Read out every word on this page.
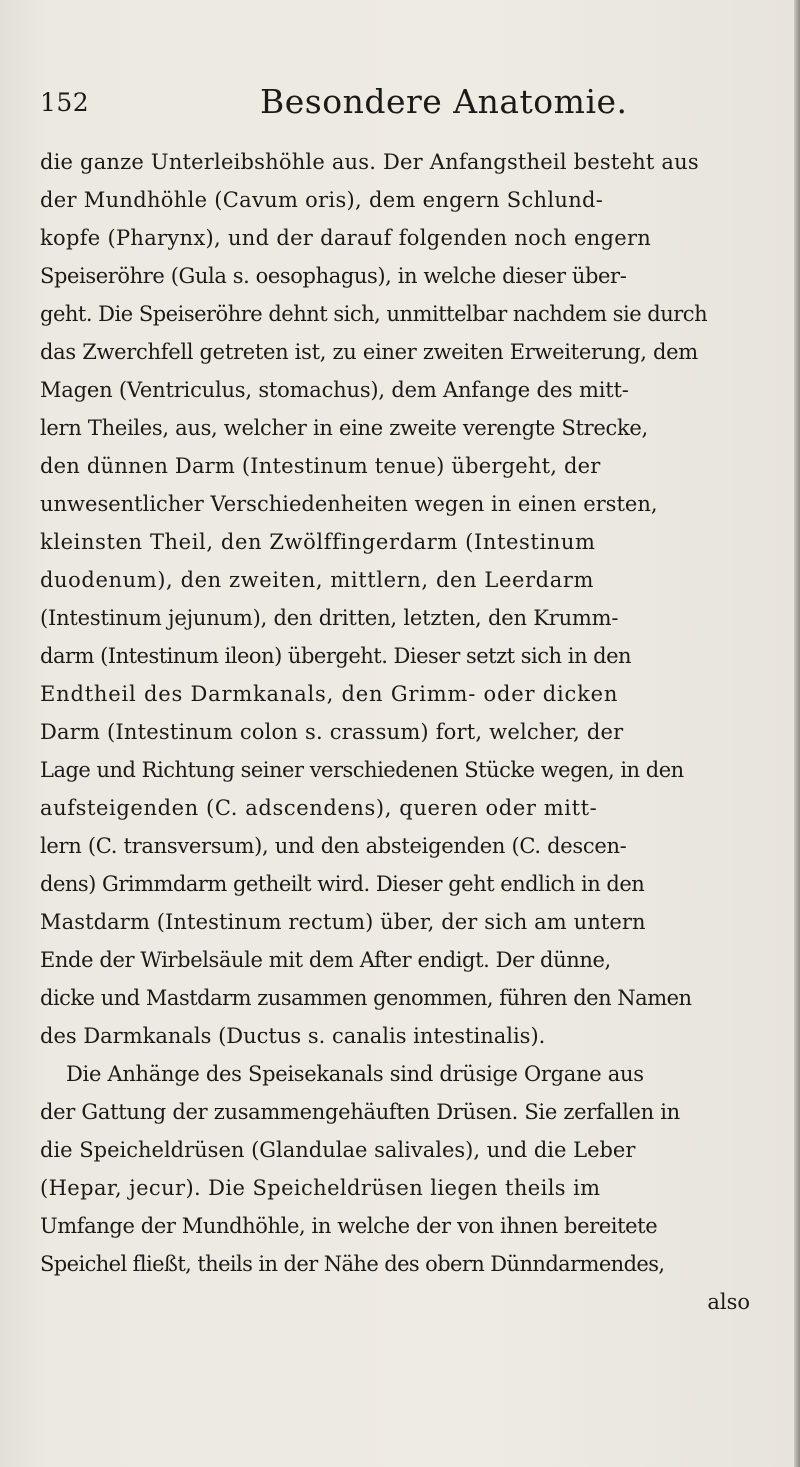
152	Besondere Anatomie.
die ganze Unterleibshöhle aus. Der Anfangstheil besteht aus
der Mundhöhle (Cavum oris), dem engern Schlund-
kopfe (Pharynx), und der darauf folgenden noch engern
Speiseröhre (Gula s. oesophagus), in welche dieser über-
geht. Die Speiseröhre dehnt sich, unmittelbar nachdem sie durch
das Zwerchfell getreten ist, zu einer zweiten Erweiterung, dem
Magen (Ventriculus, stomachus), dem Anfange des mitt-
lern Theiles, aus, welcher in eine zweite verengte Strecke,
den dünnen Darm (Intestinum tenue) übergeht, der
unwesentlicher Verschiedenheiten wegen in einen ersten,
kleinsten Theil, den Zwölffingerdarm (Intestinum
duodenum), den zweiten, mittlern, den Leerdarm
(Intestinum jejunum), den dritten, letzten, den Krumm-
darm (Intestinum ileon) übergeht. Dieser setzt sich in den
Endtheil des Darmkanals, den Grimm- oder dicken
Darm (Intestinum colon s. crassum) fort, welcher, der
Lage und Richtung seiner verschiedenen Stücke wegen, in den
aufsteigenden (C. adscendens), queren oder mitt-
lern (C. transversum), und den absteigenden (C. descen-
dens) Grimmdarm getheilt wird. Dieser geht endlich in den
Mastdarm (Intestinum rectum) über, der sich am untern
Ende der Wirbelsäule mit dem After endigt. Der dünne,
dicke und Mastdarm zusammen genommen, führen den Namen
des Darmkanals (Ductus s. canalis intestinalis).
Die Anhänge des Speisekanals sind drüsige Organe aus
der Gattung der zusammengehäuften Drüsen. Sie zerfallen in
die Speicheldrüsen (Glandulae salivales), und die Leber
(Hepar, jecur). Die Speicheldrüsen liegen theils im
Umfange der Mundhöhle, in welche der von ihnen bereitete
Speichel fließt, theils in der Nähe des obern Dünndarmendes,
also
